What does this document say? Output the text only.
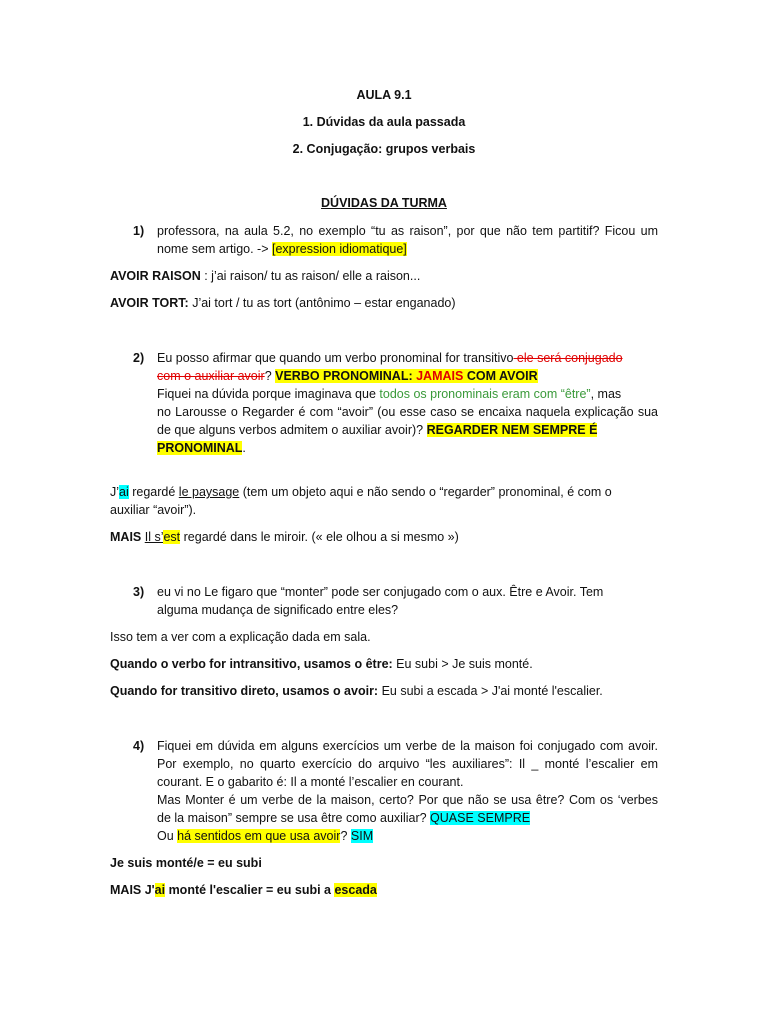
AULA 9.1
1. Dúvidas da aula passada
2. Conjugação: grupos verbais
DÚVIDAS DA TURMA
1) professora, na aula 5.2, no exemplo “tu as raison”, por que não tem partitif? Ficou um
nome sem artigo. -> [expression idiomatique]
AVOIR RAISON : j’ai raison/ tu as raison/ elle a raison...
AVOIR TORT: J’ai tort / tu as tort (antônimo – estar enganado)
2) Eu posso afirmar que quando um verbo pronominal for transitivo ele será conjugado
com o auxiliar avoir? VERBO PRONOMINAL: JAMAIS COM AVOIR
Fiquei na dúvida porque imaginava que todos os pronominais eram com “être”, mas
no Larousse o Regarder é com “avoir” (ou esse caso se encaixa naquela explicação sua
de que alguns verbos admitem o auxiliar avoir)? REGARDER NEM SEMPRE É
PRONOMINAL.
J’ai regardé le paysage (tem um objeto aqui e não sendo o “regarder” pronominal, é com o
auxiliar “avoir”).
MAIS Il s’est regardé dans le miroir. (« ele olhou a si mesmo »)
3) eu vi no Le figaro que “monter” pode ser conjugado com o aux. Être e Avoir. Tem
alguma mudança de significado entre eles?
Isso tem a ver com a explicação dada em sala.
Quando o verbo for intransitivo, usamos o être: Eu subi > Je suis monté.
Quando for transitivo direto, usamos o avoir: Eu subi a escada > J'ai monté l'escalier.
4) Fiquei em dúvida em alguns exercícios um verbe de la maison foi conjugado com avoir.
Por exemplo, no quarto exercício do arquivo “les auxiliares”: Il _ monté l’escalier em
courant. E o gabarito é: Il a monté l’escalier en courant.
Mas Monter é um verbe de la maison, certo? Por que não se usa être? Com os ‘verbes
de la maison” sempre se usa être como auxiliar? QUASE SEMPRE
Ou há sentidos em que usa avoir? SIM
Je suis monté/e = eu subi
MAIS J'ai monté l'escalier = eu subi a escada
